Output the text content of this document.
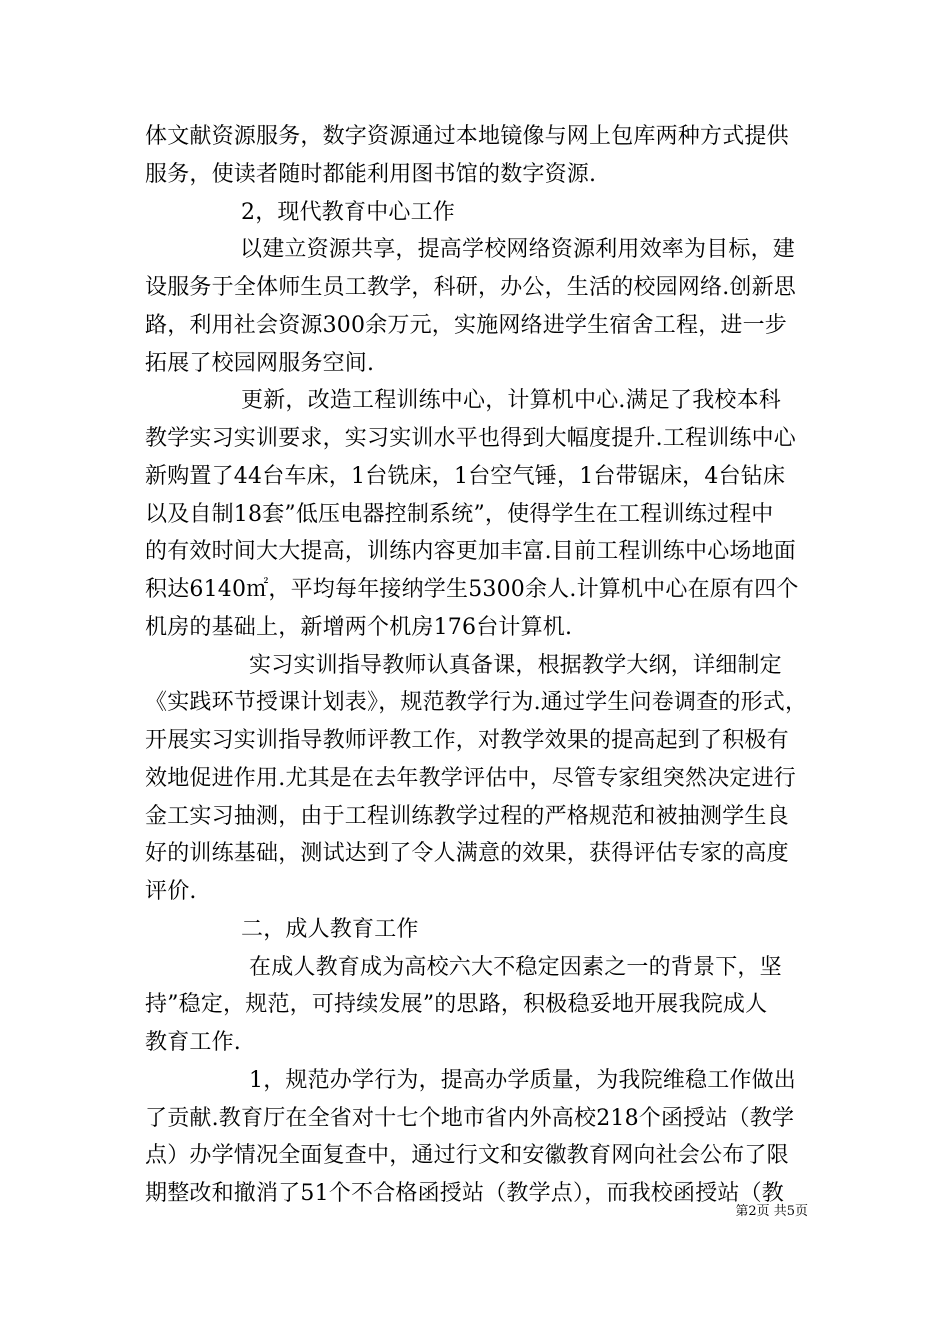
体文献资源服务，数字资源通过本地镜像与网上包库两种方式提供
服务，使读者随时都能利用图书馆的数字资源.
2，现代教育中心工作
以建立资源共享，提高学校网络资源利用效率为目标，建
设服务于全体师生员工教学，科研，办公，生活的校园网络.创新思
路，利用社会资源300余万元，实施网络进学生宿舍工程，进一步
拓展了校园网服务空间.
更新，改造工程训练中心，计算机中心.满足了我校本科
教学实习实训要求，实习实训水平也得到大幅度提升.工程训练中心
新购置了44台车床，1台铣床，1台空气锤，1台带锯床，4台钻床
以及自制18套”低压电器控制系统”，使得学生在工程训练过程中
的有效时间大大提高，训练内容更加丰富.目前工程训练中心场地面
积达6140㎡，平均每年接纳学生5300余人.计算机中心在原有四个
机房的基础上，新增两个机房176台计算机.
实习实训指导教师认真备课，根据教学大纲，详细制定
《实践环节授课计划表》，规范教学行为.通过学生问卷调查的形式，
开展实习实训指导教师评教工作，对教学效果的提高起到了积极有
效地促进作用.尤其是在去年教学评估中，尽管专家组突然决定进行
金工实习抽测，由于工程训练教学过程的严格规范和被抽测学生良
好的训练基础，测试达到了令人满意的效果，获得评估专家的高度
评价.
二，成人教育工作
在成人教育成为高校六大不稳定因素之一的背景下，坚
持”稳定，规范，可持续发展”的思路，积极稳妥地开展我院成人
教育工作.
1，规范办学行为，提高办学质量，为我院维稳工作做出
了贡献.教育厅在全省对十七个地市省内外高校218个函授站（教学
点）办学情况全面复查中，通过行文和安徽教育网向社会公布了限
期整改和撤消了51个不合格函授站（教学点），而我校函授站（教
第2页 共5页
